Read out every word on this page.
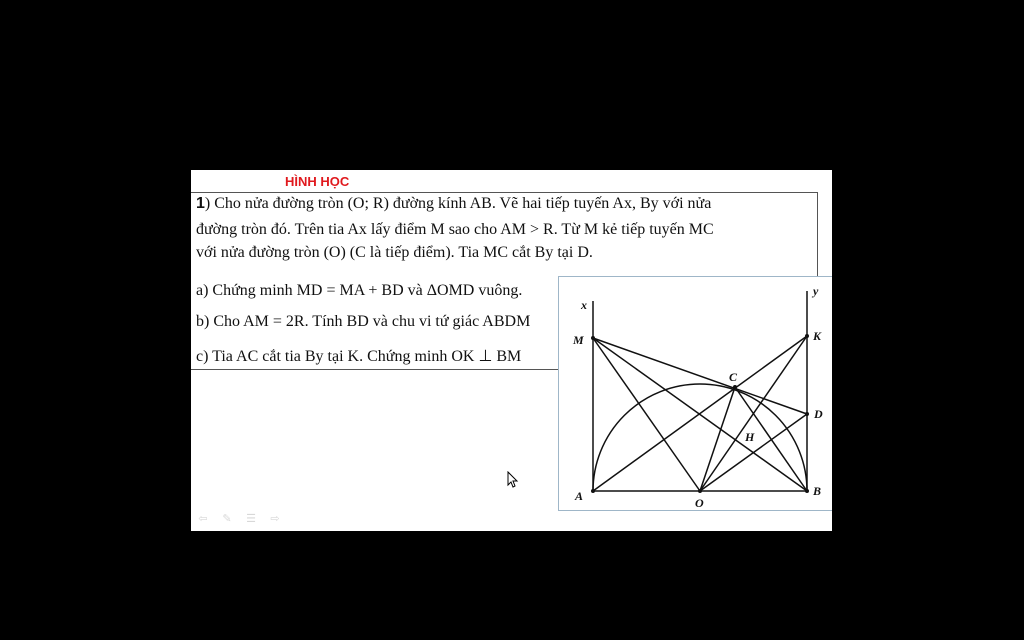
HÌNH HỌC
1) Cho nửa đường tròn (O; R) đường kính AB. Vẽ hai tiếp tuyến Ax, By với nửa
đường tròn đó. Trên tia Ax lấy điểm M sao cho AM > R. Từ M kẻ tiếp tuyến MC
với nửa đường tròn (O) (C là tiếp điểm). Tia MC cắt By tại D.
a) Chứng minh MD = MA + BD và ΔOMD vuông.
b) Cho AM = 2R. Tính BD và chu vi tứ giác ABDM
c) Tia AC cắt tia By tại K. Chứng minh OK ⊥ BM
x
y
M	K
C
D
H
A	O
B
⇦ ✎ ☰ ⇨
